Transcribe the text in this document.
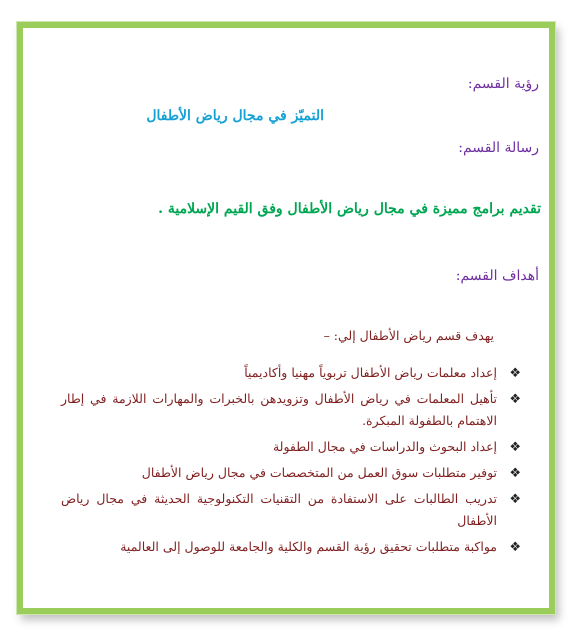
رؤية القسم:

التميّز في مجال رياض الأطفال

رسالة القسم:

تقديم برامج مميزة في مجال رياض الأطفال وفق القيم الإسلامية .

أهداف القسم:

يهدف قسم رياض الأطفال إلي: –

❖
إعداد معلمات رياض الأطفال تربوياً مهنيا وأكاديمياً
❖
تأهيل المعلمات في رياض الأطفال وتزويدهن بالخبرات والمهارات اللازمة في إطار الاهتمام بالطفولة المبكرة.
❖
إعداد البحوث والدراسات في مجال الطفولة
❖
توفير متطلبات سوق العمل من المتخصصات في مجال رياض الأطفال
❖
تدريب الطالبات على الاستفادة من التقنيات التكنولوجية الحديثة في مجال رياض الأطفال
❖
مواكبة متطلبات تحقيق رؤية القسم والكلية والجامعة للوصول إلى العالمية
